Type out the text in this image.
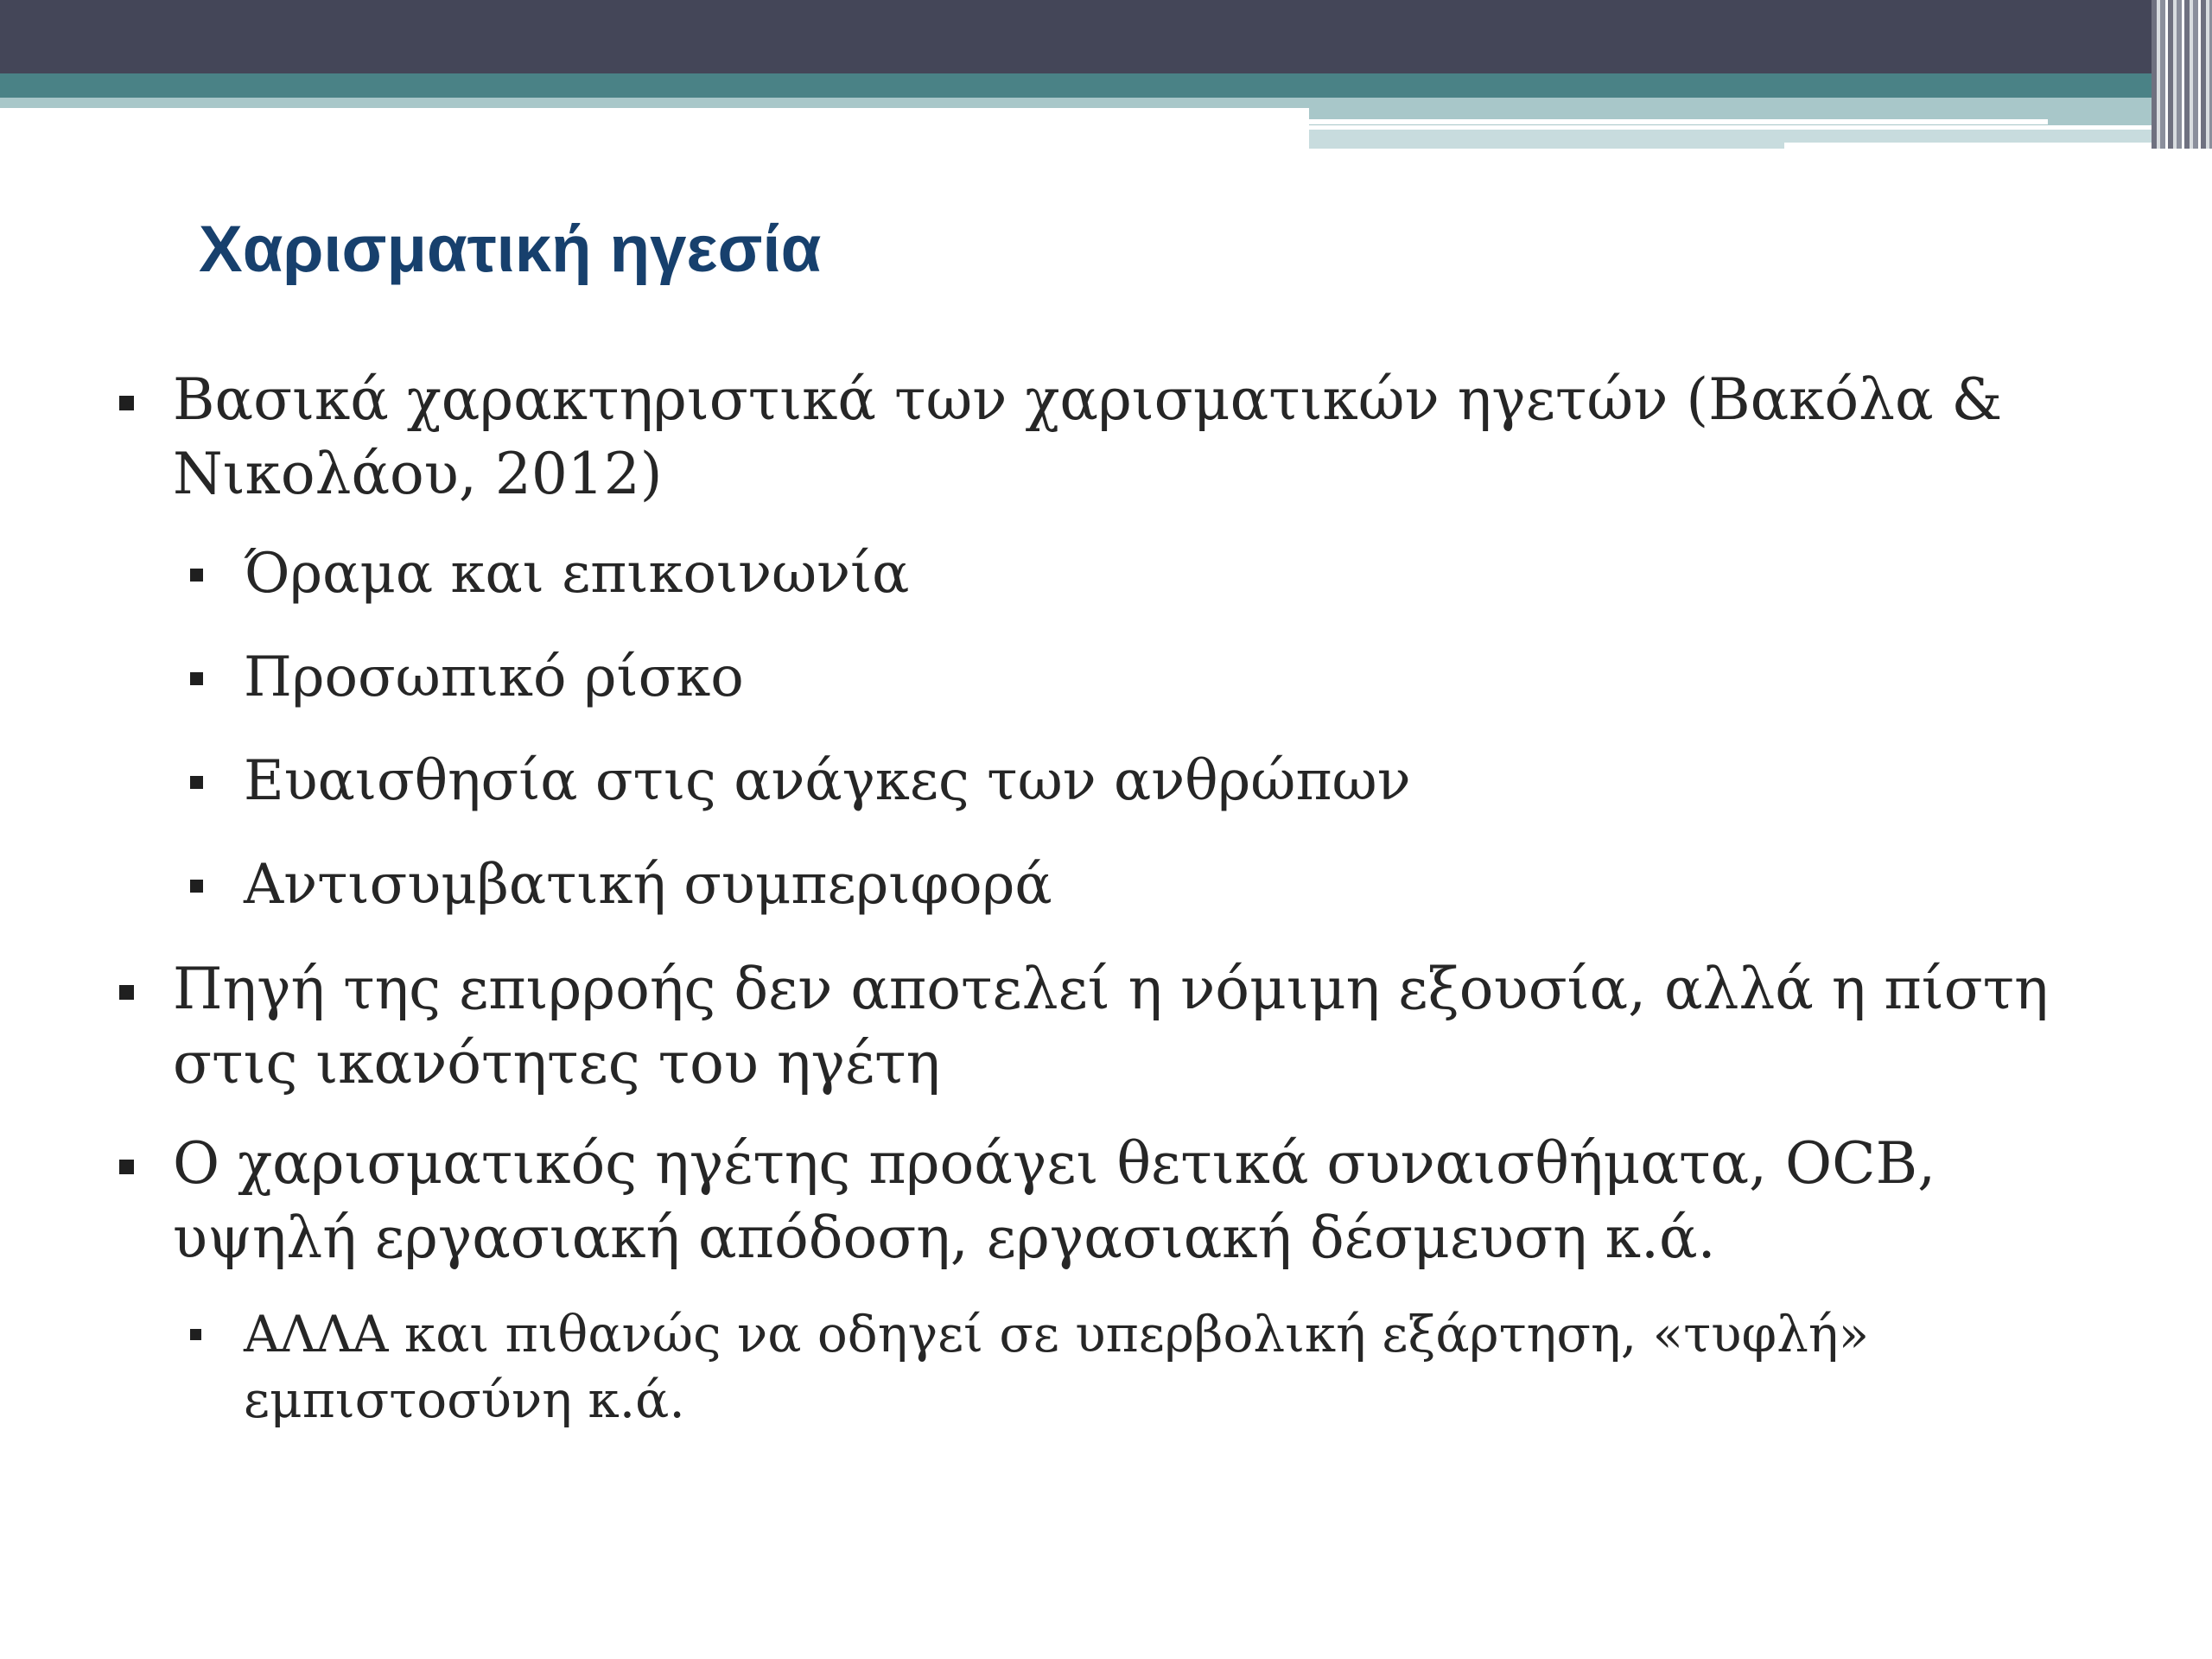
Χαρισματική ηγεσία

Βασικά χαρακτηριστικά των χαρισματικών ηγετών (Βακόλα & Νικολάου, 2012)

Όραμα και επικοινωνία

Προσωπικό ρίσκο

Ευαισθησία στις ανάγκες των ανθρώπων

Αντισυμβατική συμπεριφορά

Πηγή της επιρροής δεν αποτελεί η νόμιμη εξουσία, αλλά η πίστη στις ικανότητες του ηγέτη

Ο χαρισματικός ηγέτης προάγει θετικά συναισθήματα, OCB, υψηλή εργασιακή απόδοση, εργασιακή δέσμευση κ.ά.

ΑΛΛΑ και πιθανώς να οδηγεί σε υπερβολική εξάρτηση, «τυφλή» εμπιστοσύνη κ.ά.
